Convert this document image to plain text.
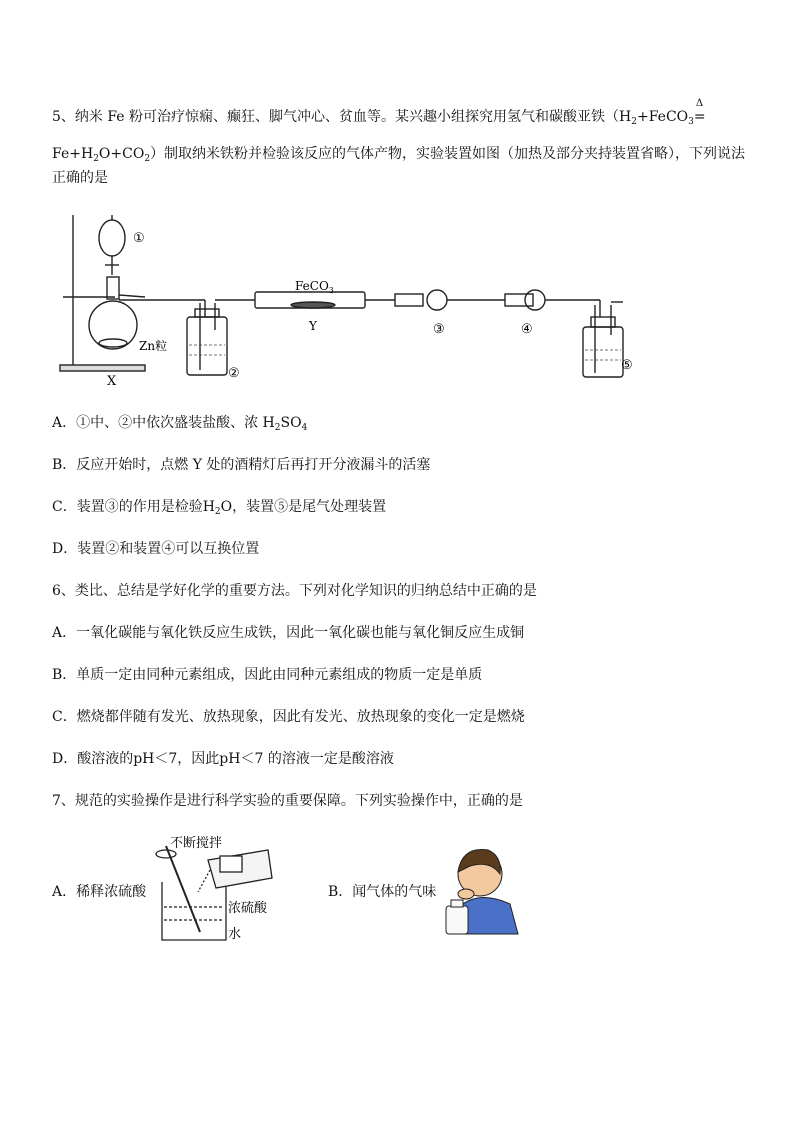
5、纳米 Fe 粉可治疗惊痫、癫狂、脚气冲心、贫血等。某兴趣小组探究用氢气和碳酸亚铁（$H_2+FeCO_3$
Δ
=
$Fe+H_2O+CO_2$）制取纳米铁粉并检验该反应的气体产物，实验装置如图（加热及部分夹持装置省略），下列说法
正确的是
①
②
③	④
⑤
X
Y
Zn粒
FeCO$_3$
A．①中、②中依次盛装盐酸、浓 $H_2SO_4$
B．反应开始时，点燃 Y 处的酒精灯后再打开分液漏斗的活塞
C．装置③的作用是检验$H_2O$，装置⑤是尾气处理装置
D．装置②和装置④可以互换位置
6、类比、总结是学好化学的重要方法。下列对化学知识的归纳总结中正确的是
A．一氧化碳能与氧化铁反应生成铁，因此一氧化碳也能与氧化铜反应生成铜
B．单质一定由同种元素组成，因此由同种元素组成的物质一定是单质
C．燃烧都伴随有发光、放热现象，因此有发光、放热现象的变化一定是燃烧
D．酸溶液的pH＜7，因此pH＜7 的溶液一定是酸溶液
7、规范的实验操作是进行科学实验的重要保障。下列实验操作中，正确的是
A．稀释浓硫酸
不断搅拌
浓硫酸
水
B．闻气体的气味
